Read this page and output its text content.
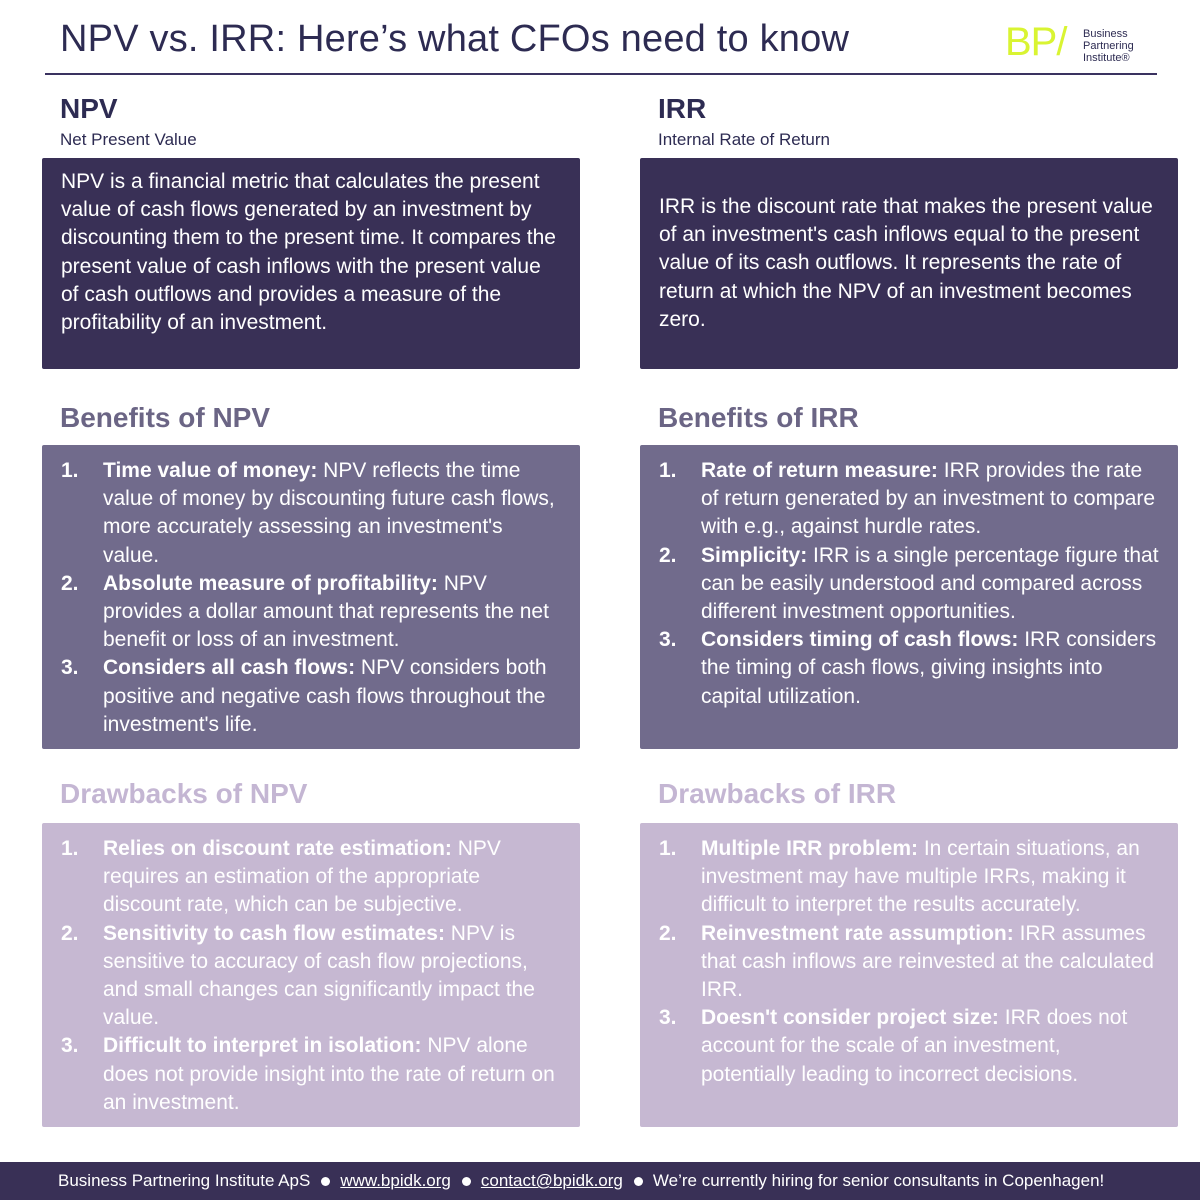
NPV vs. IRR: Here’s what CFOs need to know	BP/ Business
Partnering
Institute®
NPV
Net Present Value

NPV is a financial metric that calculates the present value of cash flows generated by an investment by discounting them to the present time. It compares the present value of cash inflows with the present value of cash outflows and provides a measure of the profitability of an investment.

Benefits of NPV
1. Time value of money: NPV reflects the time value of money by discounting future cash flows, more accurately assessing an investment's value.
2. Absolute measure of profitability: NPV provides a dollar amount that represents the net benefit or loss of an investment.
3. Considers all cash flows: NPV considers both positive and negative cash flows throughout the investment's life.
Drawbacks of NPV
1. Relies on discount rate estimation: NPV requires an estimation of the appropriate discount rate, which can be subjective.
2. Sensitivity to cash flow estimates: NPV is sensitive to accuracy of cash flow projections, and small changes can significantly impact the value.
3. Difficult to interpret in isolation: NPV alone does not provide insight into the rate of return on an investment.
IRR
Internal Rate of Return

IRR is the discount rate that makes the present value of an investment's cash inflows equal to the present value of its cash outflows. It represents the rate of return at which the NPV of an investment becomes zero.

Benefits of IRR
1. Rate of return measure: IRR provides the rate of return generated by an investment to compare with e.g., against hurdle rates.
2. Simplicity: IRR is a single percentage figure that can be easily understood and compared across different investment opportunities.
3. Considers timing of cash flows: IRR considers the timing of cash flows, giving insights into capital utilization.
Drawbacks of IRR
1. Multiple IRR problem: In certain situations, an investment may have multiple IRRs, making it difficult to interpret the results accurately.
2. Reinvestment rate assumption: IRR assumes that cash inflows are reinvested at the calculated IRR.
3. Doesn't consider project size: IRR does not account for the scale of an investment, potentially leading to incorrect decisions.
Business Partnering Institute ApS www.bpidk.org contact@bpidk.org We’re currently hiring for senior consultants in Copenhagen!
